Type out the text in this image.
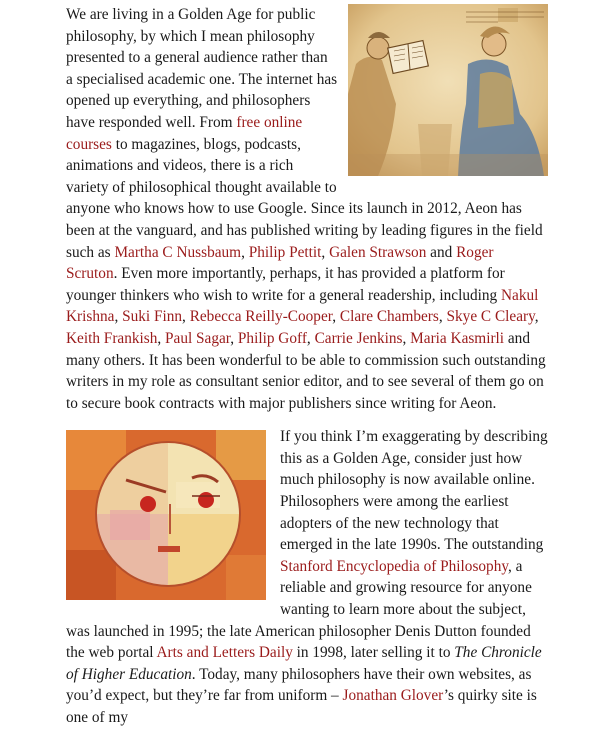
We are living in a Golden Age for public philosophy, by which I mean philosophy presented to a general audience rather than a specialised academic one. The internet has opened up everything, and philosophers have responded well. From free online courses to magazines, blogs, podcasts, animations and videos, there is a rich variety of philosophical thought available to anyone who knows how to use Google. Since its launch in 2012, Aeon has been at the vanguard, and has published writing by leading figures in the field such as Martha C Nussbaum, Philip Pettit, Galen Strawson and Roger Scruton. Even more importantly, perhaps, it has provided a platform for younger thinkers who wish to write for a general readership, including Nakul Krishna, Suki Finn, Rebecca Reilly-Cooper, Clare Chambers, Skye C Cleary, Keith Frankish, Paul Sagar, Philip Goff, Carrie Jenkins, Maria Kasmirli and many others. It has been wonderful to be able to commission such outstanding writers in my role as consultant senior editor, and to see several of them go on to secure book contracts with major publishers since writing for Aeon.

If you think I’m exaggerating by describing this as a Golden Age, consider just how much philosophy is now available online. Philosophers were among the earliest adopters of the new technology that emerged in the late 1990s. The outstanding Stanford Encyclopedia of Philosophy, a reliable and growing resource for anyone wanting to learn more about the subject, was launched in 1995; the late American philosopher Denis Dutton founded the web portal Arts and Letters Daily in 1998, later selling it to The Chronicle of Higher Education. Today, many philosophers have their own websites, as you’d expect, but they’re far from uniform – Jonathan Glover’s quirky site is one of my
